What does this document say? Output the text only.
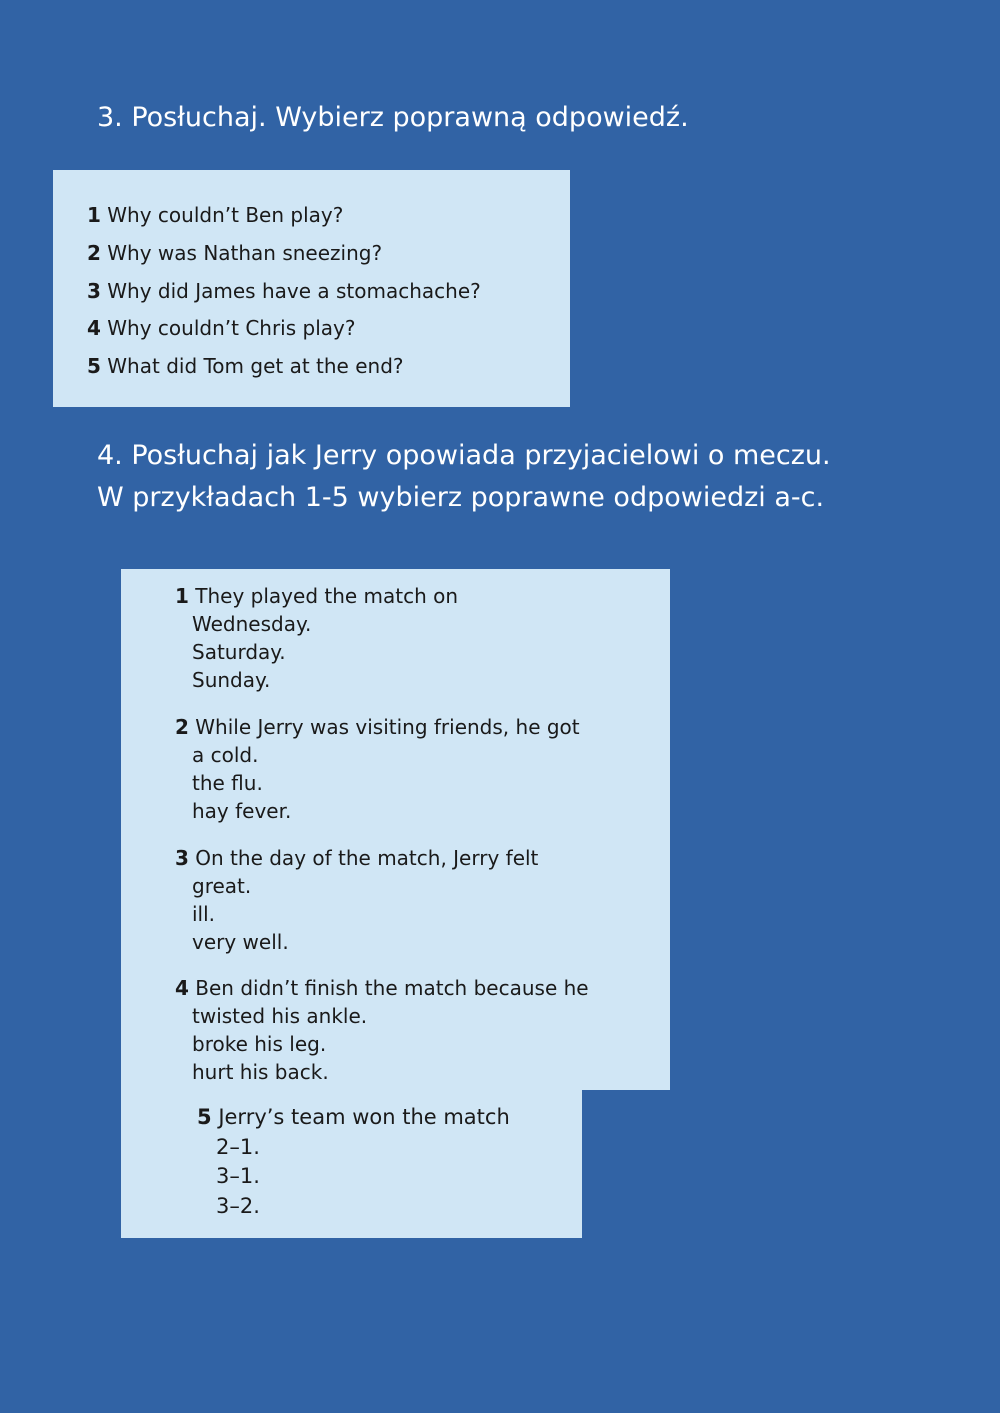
3. Posłuchaj. Wybierz poprawną odpowiedź.
1 Why couldn’t Ben play?
2 Why was Nathan sneezing?
3 Why did James have a stomachache?
4 Why couldn’t Chris play?
5 What did Tom get at the end?
4. Posłuchaj jak Jerry opowiada przyjacielowi o meczu.
W przykładach 1-5 wybierz poprawne odpowiedzi a-c.
1 They played the match on
Wednesday.
Saturday.
Sunday.
2 While Jerry was visiting friends, he got
a cold.
the flu.
hay fever.
3 On the day of the match, Jerry felt
great.
ill.
very well.
4 Ben didn’t finish the match because he
twisted his ankle.
broke his leg.
hurt his back.
5 Jerry’s team won the match
2–1.
3–1.
3–2.
